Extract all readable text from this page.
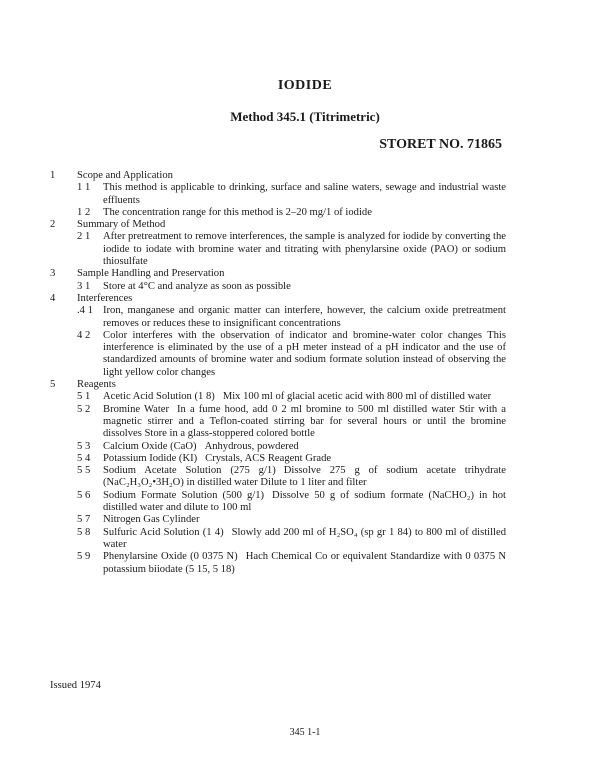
IODIDE
Method 345.1 (Titrimetric)
STORET NO. 71865
1	Scope and Application
1 1	This method is applicable to drinking, surface and saline waters, sewage and industrial waste effluents
1 2	The concentration range for this method is 2–20 mg/1 of iodide
2	Summary of Method
2 1	After pretreatment to remove interferences, the sample is analyzed for iodide by converting the iodide to iodate with bromine water and titrating with phenylarsine oxide (PAO) or sodium thiosulfate
3	Sample Handling and Preservation
3 1	Store at 4°C and analyze as soon as possible
4	Interferences
.4 1 Iron, manganese and organic matter can interfere, however, the calcium oxide pretreatment removes or reduces these to insignificant concentrations
4 2	Color interferes with the observation of indicator and bromine-water color changes This interference is eliminated by the use of a pH meter instead of a pH indicator and the use of standardized amounts of bromine water and sodium formate solution instead of observing the light yellow color changes
5	Reagents
5 1	Acetic Acid Solution (1 8) Mix 100 ml of glacial acetic acid with 800 ml of distilled water
5 2	Bromine Water In a fume hood, add 0 2 ml bromine to 500 ml distilled water Stir with a magnetic stirrer and a Teflon-coated stirring bar for several hours or until the bromine dissolves Store in a glass-stoppered colored bottle
5 3	Calcium Oxide (CaO) Anhydrous, powdered
5 4	Potassium Iodide (KI) Crystals, ACS Reagent Grade
5 5	Sodium Acetate Solution (275 g/1) Dissolve 275 g of sodium acetate trihydrate (NaC₂H₃O₂•3H₂O) in distilled water Dilute to 1 liter and filter
5 6	Sodium Formate Solution (500 g/1) Dissolve 50 g of sodium formate (NaCHO₂) in hot distilled water and dilute to 100 ml
5 7	Nitrogen Gas Cylinder
5 8	Sulfuric Acid Solution (1 4) Slowly add 200 ml of H₂SO₄ (sp gr 1 84) to 800 ml of distilled water
5 9	Phenylarsine Oxide (0 0375 N) Hach Chemical Co or equivalent Standardize with 0 0375 N potassium biiodate (5 15, 5 18)
Issued 1974
345 1-1
